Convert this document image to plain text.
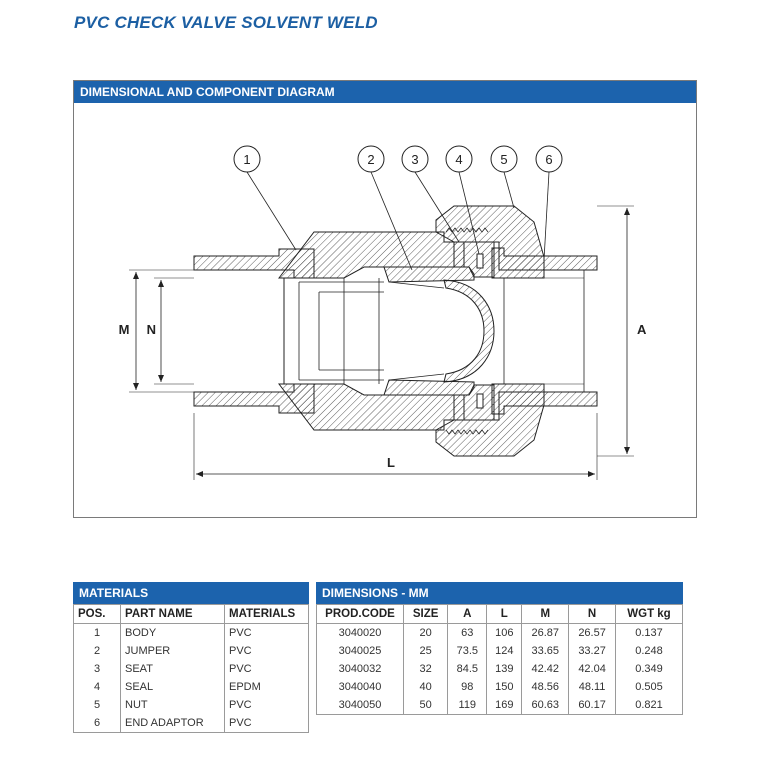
PVC CHECK VALVE SOLVENT WELD
DIMENSIONAL AND COMPONENT DIAGRAM
1	2	3	4	5	6
M N	A
L
MATERIALS
POS.	PART NAME	MATERIALS
1	BODY	PVC
2	JUMPER	PVC
3	SEAT	PVC
4	SEAL	EPDM
5	NUT	PVC
6	END ADAPTOR	PVC
DIMENSIONS - MM
PROD.CODE	SIZE	A	L	M	N	WGT kg
3040020	20	63	106	26.87	26.57	0.137
3040025	25	73.5	124	33.65	33.27	0.248
3040032	32	84.5	139	42.42	42.04	0.349
3040040	40	98	150	48.56	48.11	0.505
3040050	50	119	169	60.63	60.17	0.821
